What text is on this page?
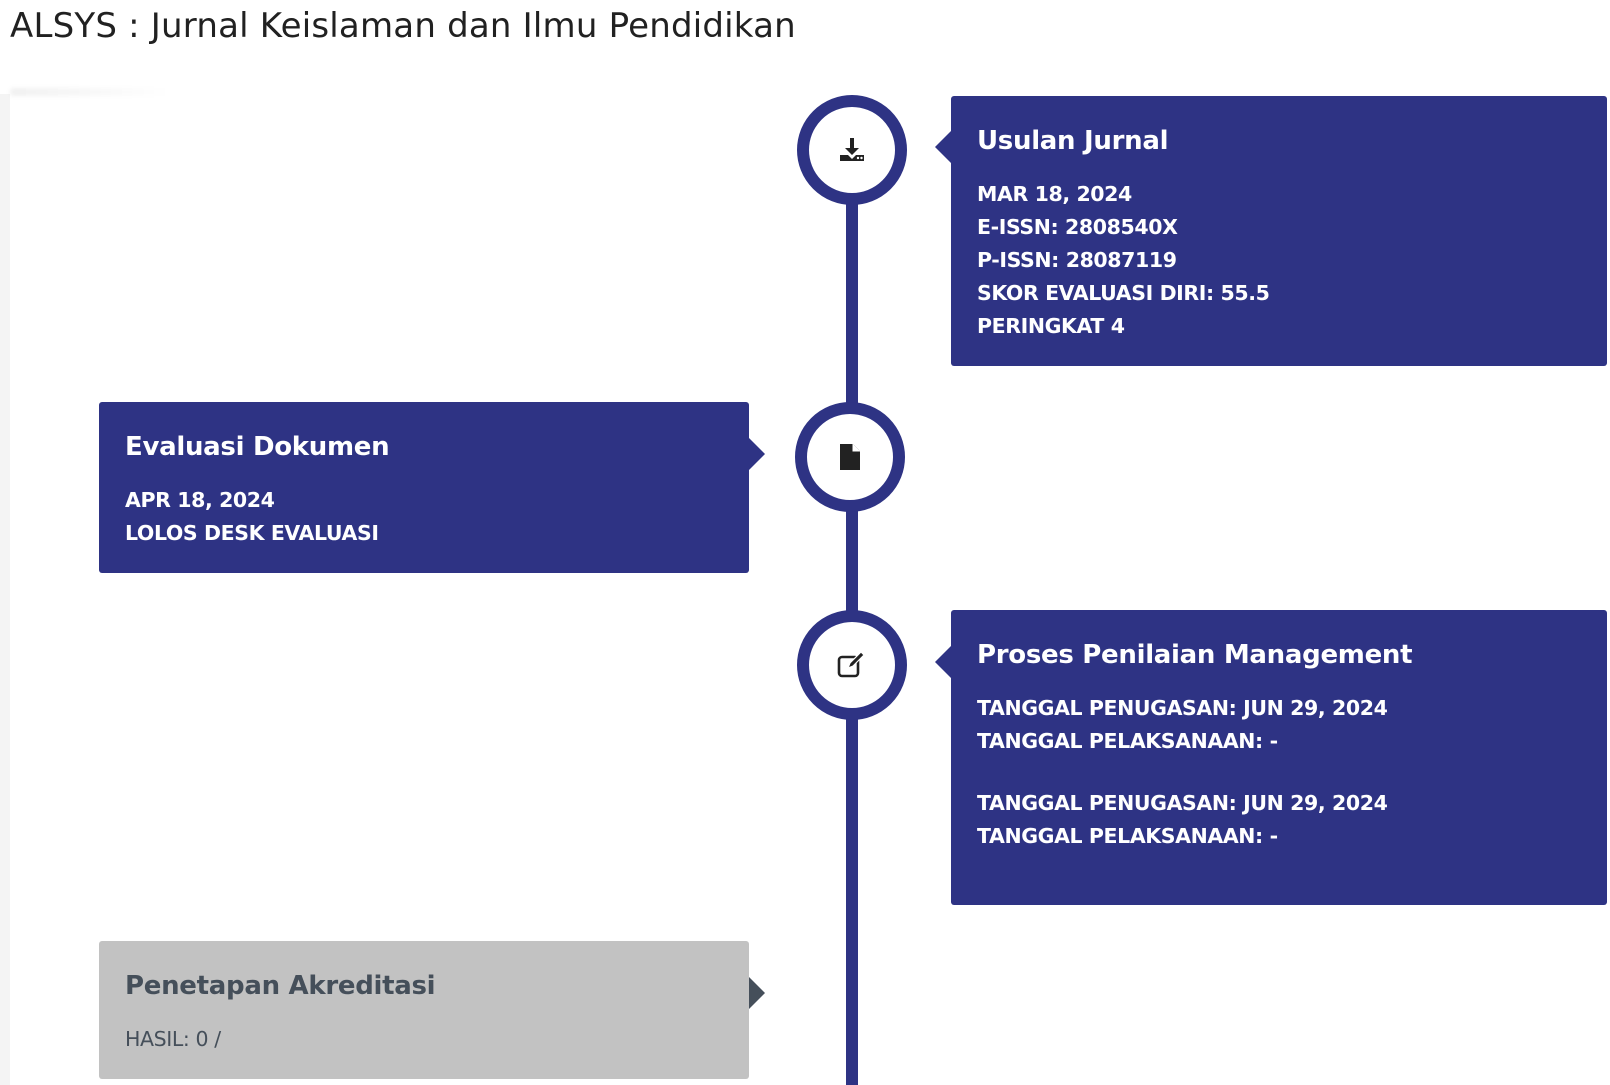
ALSYS : Jurnal Keislaman dan Ilmu Pendidikan
Usulan Jurnal
MAR 18, 2024
E-ISSN: 2808540X
P-ISSN: 28087119
SKOR EVALUASI DIRI: 55.5
PERINGKAT 4
Evaluasi Dokumen
APR 18, 2024
LOLOS DESK EVALUASI
Proses Penilaian Management
TANGGAL PENUGASAN: JUN 29, 2024
TANGGAL PELAKSANAAN: -
TANGGAL PENUGASAN: JUN 29, 2024
TANGGAL PELAKSANAAN: -
Penetapan Akreditasi
HASIL: 0 /
